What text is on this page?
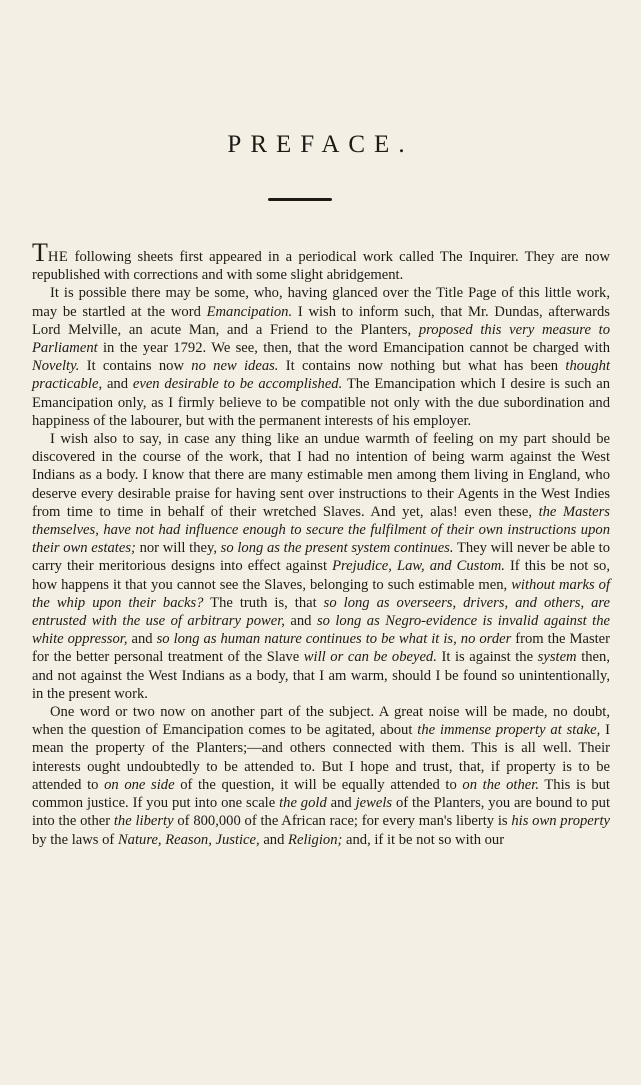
PREFACE.

THE following sheets first appeared in a periodical work called The Inquirer. They are now republished with corrections and with some slight abridgement.

It is possible there may be some, who, having glanced over the Title Page of this little work, may be startled at the word Emancipation. I wish to inform such, that Mr. Dundas, afterwards Lord Melville, an acute Man, and a Friend to the Planters, proposed this very measure to Parliament in the year 1792. We see, then, that the word Emancipation cannot be charged with Novelty. It contains now no new ideas. It contains now nothing but what has been thought practicable, and even desirable to be accomplished. The Emancipation which I desire is such an Emancipation only, as I firmly believe to be compatible not only with the due subordination and happiness of the labourer, but with the permanent interests of his employer.

I wish also to say, in case any thing like an undue warmth of feeling on my part should be discovered in the course of the work, that I had no intention of being warm against the West Indians as a body. I know that there are many estimable men among them living in England, who deserve every desirable praise for having sent over instructions to their Agents in the West Indies from time to time in behalf of their wretched Slaves. And yet, alas! even these, the Masters themselves, have not had influence enough to secure the fulfilment of their own instructions upon their own estates; nor will they, so long as the present system continues. They will never be able to carry their meritorious designs into effect against Prejudice, Law, and Custom. If this be not so, how happens it that you cannot see the Slaves, belonging to such estimable men, without marks of the whip upon their backs? The truth is, that so long as overseers, drivers, and others, are entrusted with the use of arbitrary power, and so long as Negro-evidence is invalid against the white oppressor, and so long as human nature continues to be what it is, no order from the Master for the better personal treatment of the Slave will or can be obeyed. It is against the system then, and not against the West Indians as a body, that I am warm, should I be found so unintentionally, in the present work.

One word or two now on another part of the subject. A great noise will be made, no doubt, when the question of Emancipation comes to be agitated, about the immense property at stake, I mean the property of the Planters;—and others connected with them. This is all well. Their interests ought undoubtedly to be attended to. But I hope and trust, that, if property is to be attended to on one side of the question, it will be equally attended to on the other. This is but common justice. If you put into one scale the gold and jewels of the Planters, you are bound to put into the other the liberty of 800,000 of the African race; for every man's liberty is his own property by the laws of Nature, Reason, Justice, and Religion; and, if it be not so with our
